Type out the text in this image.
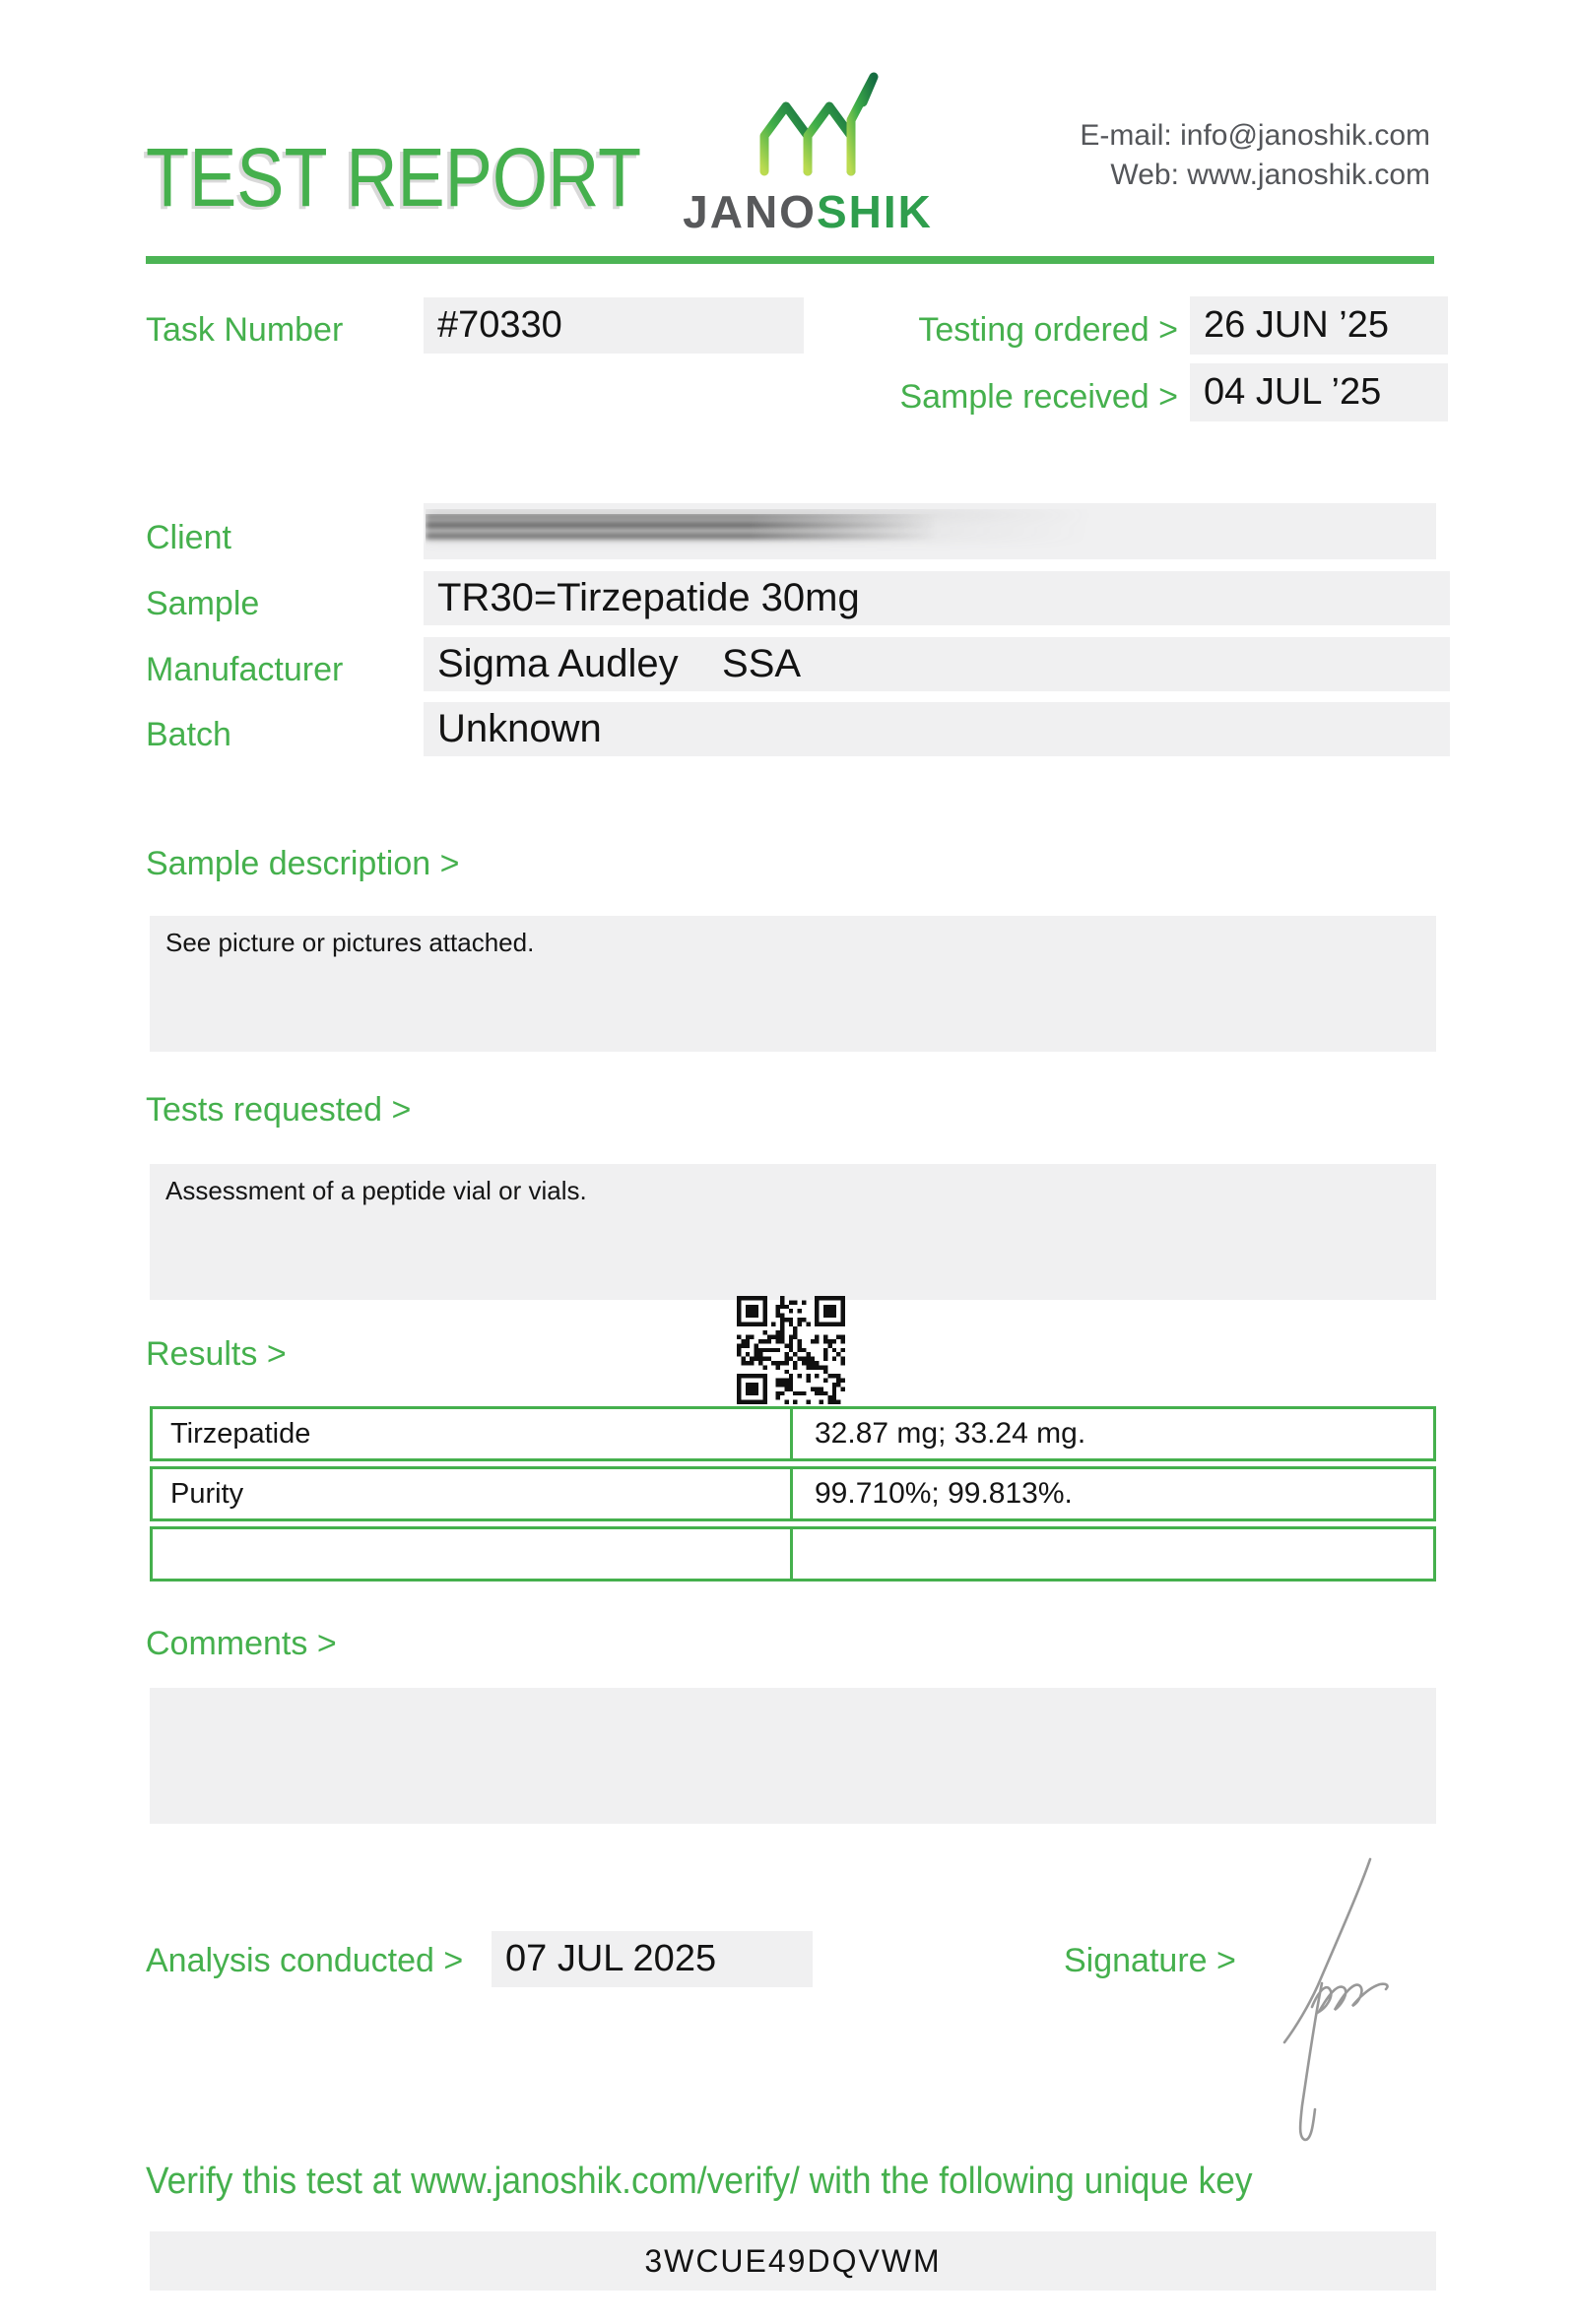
TEST REPORT JANOSHIK
E-mail: info@janoshik.com
Web: www.janoshik.com
Task Number	#70330	Testing ordered > 26 JUN ’25
Sample received > 04 JUL ’25
Client

Sample	TR30=Tirzepatide 30mg
Manufacturer	Sigma Audley    SSA
Batch	Unknown
Sample description >
See picture or pictures attached.
Tests requested >
Assessment of a peptide vial or vials.
Results >
Tirzepatide	32.87 mg; 33.24 mg.
Purity	99.710%; 99.813%.
Comments >
Analysis conducted >	07 JUL 2025	Signature >
Verify this test at www.janoshik.com/verify/ with the following unique key
3WCUE49DQVWM
